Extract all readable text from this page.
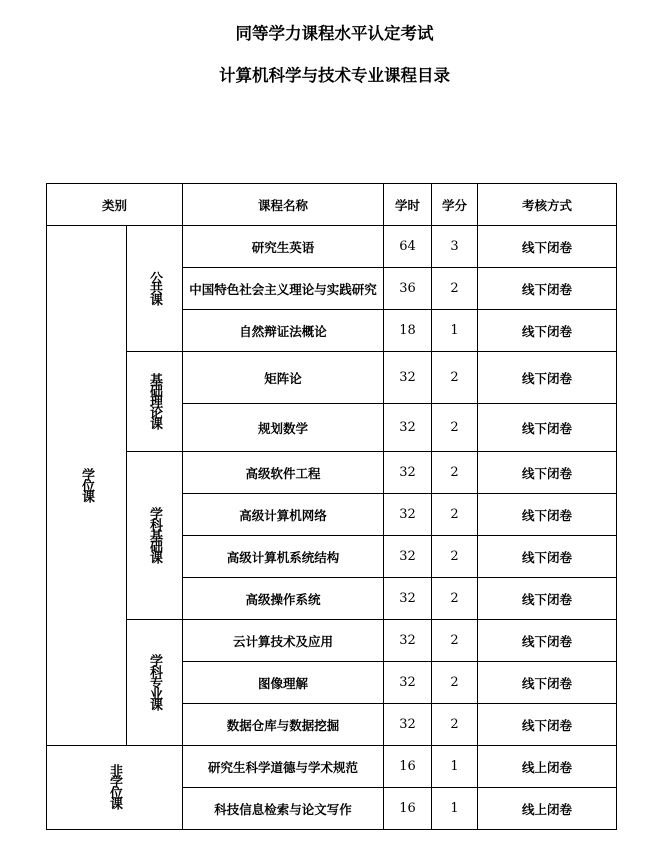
同等学力课程水平认定考试
计算机科学与技术专业课程目录
类别		课程名称	学时	学分	考核方式
学位课	公共课	研究生英语	64	3	线下闭卷
		中国特色社会主义理论与实践研究	36	2	线下闭卷
		自然辩证法概论	18	1	线下闭卷
	基础理论课	矩阵论	32	2	线下闭卷
		规划数学	32	2	线下闭卷
	学科基础课	高级软件工程	32	2	线下闭卷
		高级计算机网络	32	2	线下闭卷
		高级计算机系统结构	32	2	线下闭卷
		高级操作系统	32	2	线下闭卷
	学科专业课	云计算技术及应用	32	2	线下闭卷
		图像理解	32	2	线下闭卷
		数据仓库与数据挖掘	32	2	线下闭卷
非学位课		研究生科学道德与学术规范	16	1	线上闭卷
		科技信息检索与论文写作	16	1	线上闭卷
